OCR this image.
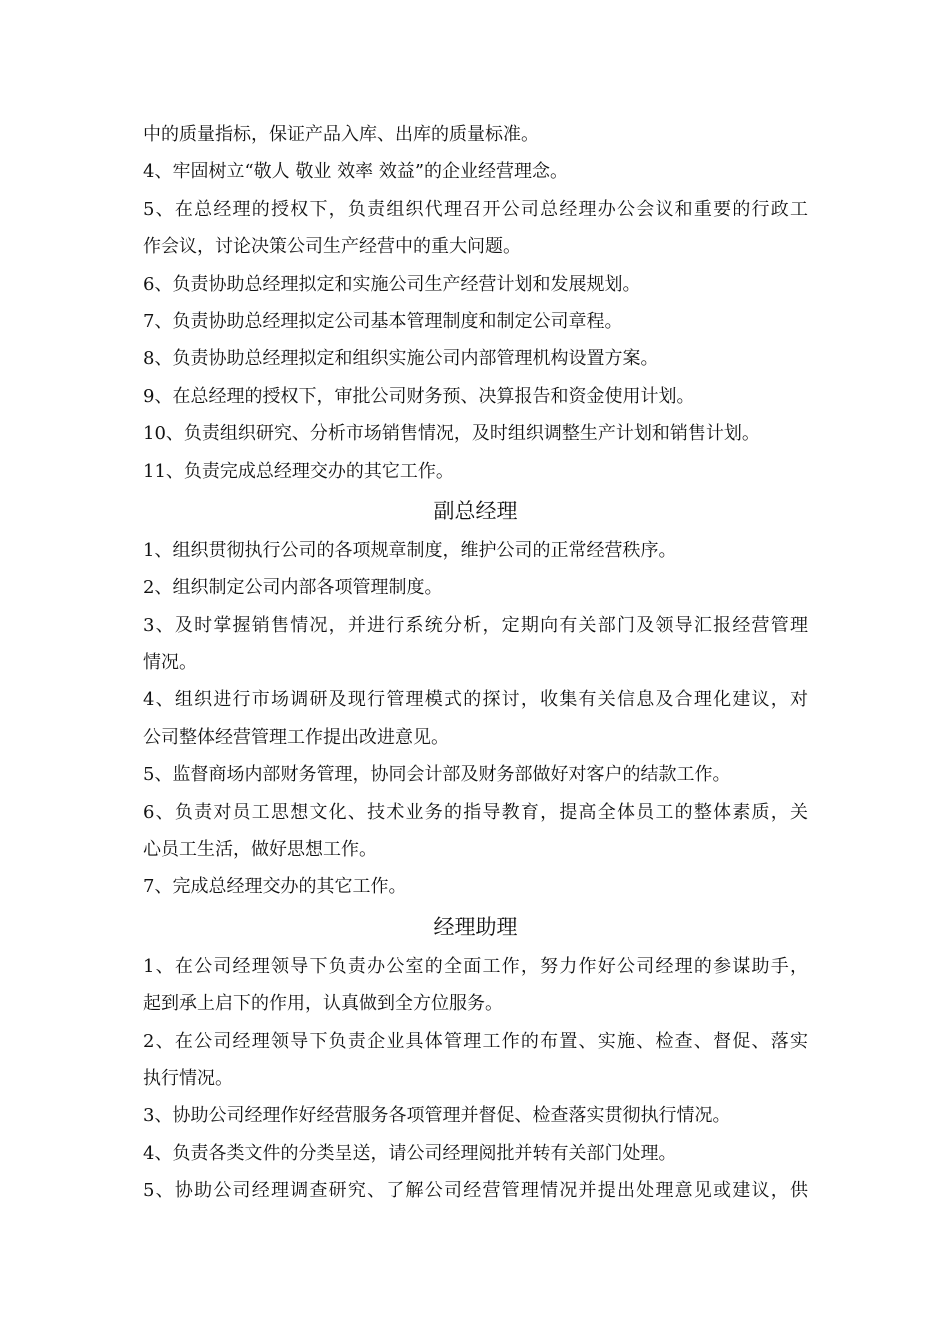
中的质量指标，保证产品入库、出库的质量标准。
4、牢固树立“敬人 敬业 效率 效益”的企业经营理念。
5、在总经理的授权下，负责组织代理召开公司总经理办公会议和重要的行政工
作会议，讨论决策公司生产经营中的重大问题。
6、负责协助总经理拟定和实施公司生产经营计划和发展规划。
7、负责协助总经理拟定公司基本管理制度和制定公司章程。
8、负责协助总经理拟定和组织实施公司内部管理机构设置方案。
9、在总经理的授权下，审批公司财务预、决算报告和资金使用计划。
10、负责组织研究、分析市场销售情况，及时组织调整生产计划和销售计划。
11、负责完成总经理交办的其它工作。
副总经理
1、组织贯彻执行公司的各项规章制度，维护公司的正常经营秩序。
2、组织制定公司内部各项管理制度。
3、及时掌握销售情况，并进行系统分析，定期向有关部门及领导汇报经营管理
情况。
4、组织进行市场调研及现行管理模式的探讨，收集有关信息及合理化建议，对
公司整体经营管理工作提出改进意见。
5、监督商场内部财务管理，协同会计部及财务部做好对客户的结款工作。
6、负责对员工思想文化、技术业务的指导教育，提高全体员工的整体素质，关
心员工生活，做好思想工作。
7、完成总经理交办的其它工作。
经理助理
1、在公司经理领导下负责办公室的全面工作，努力作好公司经理的参谋助手，
起到承上启下的作用，认真做到全方位服务。
2、在公司经理领导下负责企业具体管理工作的布置、实施、检查、督促、落实
执行情况。
3、协助公司经理作好经营服务各项管理并督促、检查落实贯彻执行情况。
4、负责各类文件的分类呈送，请公司经理阅批并转有关部门处理。
5、协助公司经理调查研究、了解公司经营管理情况并提出处理意见或建议，供
